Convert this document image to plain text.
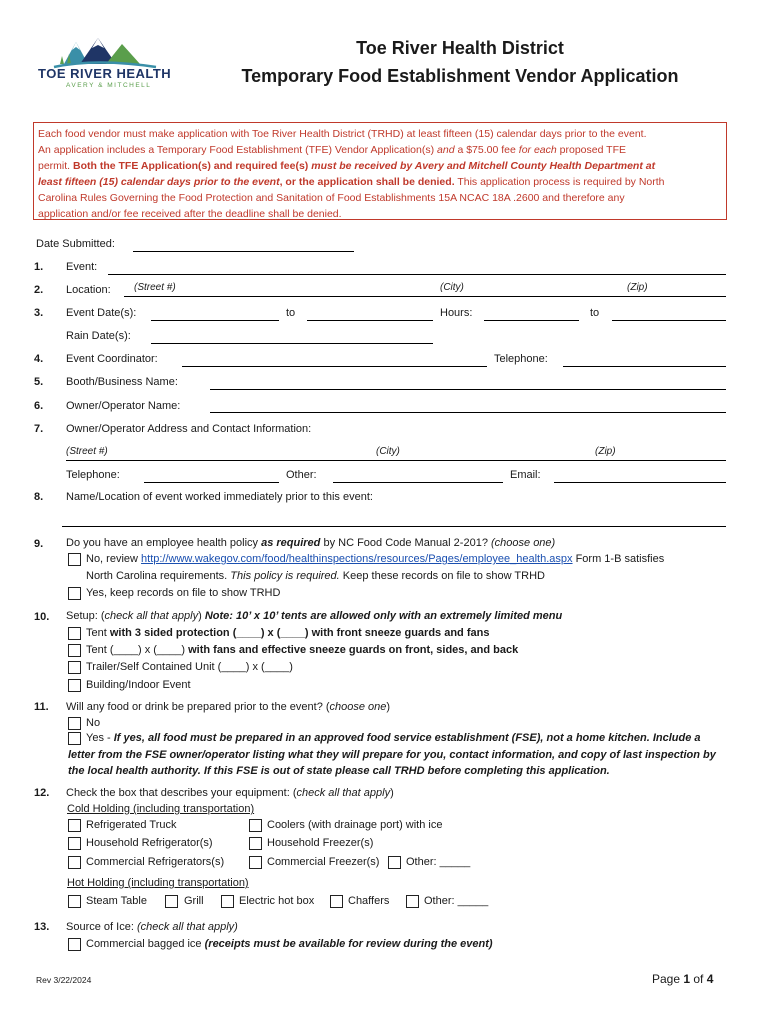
TOE RIVER HEALTH
AVERY & MITCHELL
Toe River Health District
Temporary Food Establishment Vendor Application
Each food vendor must make application with Toe River Health District (TRHD) at least fifteen (15) calendar days prior to the event.
An application includes a Temporary Food Establishment (TFE) Vendor Application(s) and a $75.00 fee for each proposed TFE
permit. Both the TFE Application(s) and required fee(s) must be received by Avery and Mitchell County Health Department at
least fifteen (15) calendar days prior to the event, or the application shall be denied. This application process is required by North
Carolina Rules Governing the Food Protection and Sanitation of Food Establishments 15A NCAC 18A .2600 and therefore any
application and/or fee received after the deadline shall be denied.
Date Submitted:
1. Event:
2. Location: (Street #)	(City)	(Zip)
3. Event Date(s):	to	Hours:	to
Rain Date(s):
4. Event Coordinator:	Telephone:
5. Booth/Business Name:
6. Owner/Operator Name:
7. Owner/Operator Address and Contact Information:
(Street #)	(City)	(Zip)
Telephone:	Other:	Email:
8. Name/Location of event worked immediately prior to this event:
9. Do you have an employee health policy as required by NC Food Code Manual 2-201? (choose one)
No, review http://www.wakegov.com/food/healthinspections/resources/Pages/employee_health.aspx Form 1-B satisfies
North Carolina requirements. This policy is required. Keep these records on file to show TRHD
Yes, keep records on file to show TRHD
10. Setup: (check all that apply) Note: 10’ x 10’ tents are allowed only with an extremely limited menu
Tent with 3 sided protection (____) x (____) with front sneeze guards and fans
Tent (____) x (____) with fans and effective sneeze guards on front, sides, and back
Trailer/Self Contained Unit (____) x (____)
Building/Indoor Event
11. Will any food or drink be prepared prior to the event? (choose one)
No
Yes - If yes, all food must be prepared in an approved food service establishment (FSE), not a home kitchen. Include a
letter from the FSE owner/operator listing what they will prepare for you, contact information, and copy of last inspection by
the local health authority. If this FSE is out of state please call TRHD before completing this application.
12. Check the box that describes your equipment: (check all that apply)
Cold Holding (including transportation)
Refrigerated Truck	Coolers (with drainage port) with ice
Household Refrigerator(s)	Household Freezer(s)
Commercial Refrigerators(s)	Commercial Freezer(s) Other: _____
Hot Holding (including transportation)
Steam Table	Grill	Electric hot box	Chaffers	Other: _____
13. Source of Ice: (check all that apply)
Commercial bagged ice (receipts must be available for review during the event)
Rev 3/22/2024	Page 1 of 4
